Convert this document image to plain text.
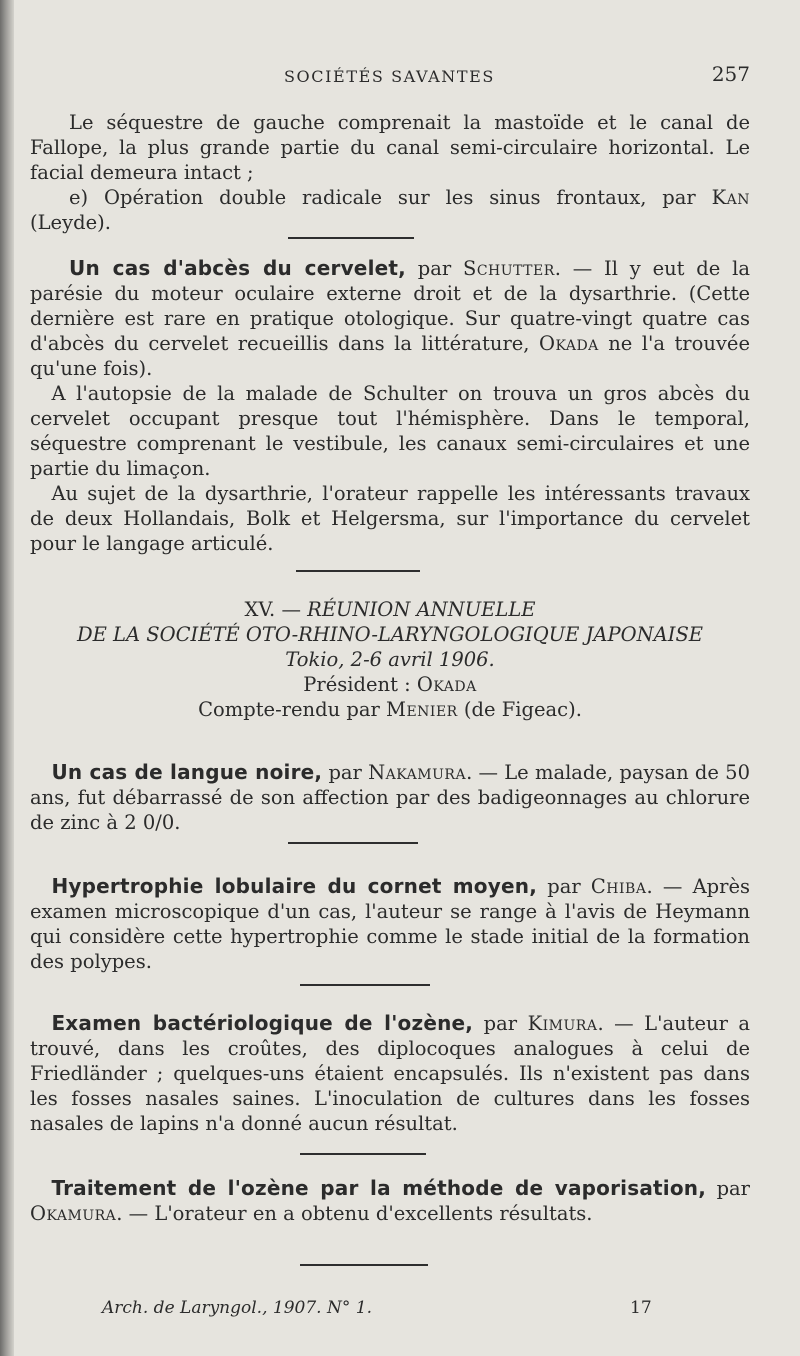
SOCIÉTÉS SAVANTES	257

Le séquestre de gauche comprenait la mastoïde et le canal de Fallope, la plus grande partie du canal semi-circulaire horizontal. Le facial demeura intact ;

e) Opération double radicale sur les sinus frontaux, par Kan (Leyde).

Un cas d'abcès du cervelet, par Schutter. — Il y eut de la parésie du moteur oculaire externe droit et de la dysarthrie. (Cette dernière est rare en pratique otologique. Sur quatre-vingt quatre cas d'abcès du cervelet recueillis dans la littérature, Okada ne l'a trouvée qu'une fois).

A l'autopsie de la malade de Schulter on trouva un gros abcès du cervelet occupant presque tout l'hémisphère. Dans le temporal, séquestre comprenant le vestibule, les canaux semi-circulaires et une partie du limaçon.

Au sujet de la dysarthrie, l'orateur rappelle les intéressants travaux de deux Hollandais, Bolk et Helgersma, sur l'importance du cervelet pour le langage articulé.

XV. — RÉUNION ANNUELLE
DE LA SOCIÉTÉ OTO-RHINO-LARYNGOLOGIQUE JAPONAISE
Tokio, 2-6 avril 1906.
Président : Okada
Compte-rendu par Menier (de Figeac).

Un cas de langue noire, par Nakamura. — Le malade, paysan de 50 ans, fut débarrassé de son affection par des badigeonnages au chlorure de zinc à 2 0/0.

Hypertrophie lobulaire du cornet moyen, par Chiba. — Après examen microscopique d'un cas, l'auteur se range à l'avis de Heymann qui considère cette hypertrophie comme le stade initial de la formation des polypes.

Examen bactériologique de l'ozène, par Kimura. — L'auteur a trouvé, dans les croûtes, des diplocoques analogues à celui de Friedländer ; quelques-uns étaient encapsulés. Ils n'existent pas dans les fosses nasales saines. L'inoculation de cultures dans les fosses nasales de lapins n'a donné aucun résultat.

Traitement de l'ozène par la méthode de vaporisation, par Okamura. — L'orateur en a obtenu d'excellents résultats.

Arch. de Laryngol., 1907. N° 1.	17
